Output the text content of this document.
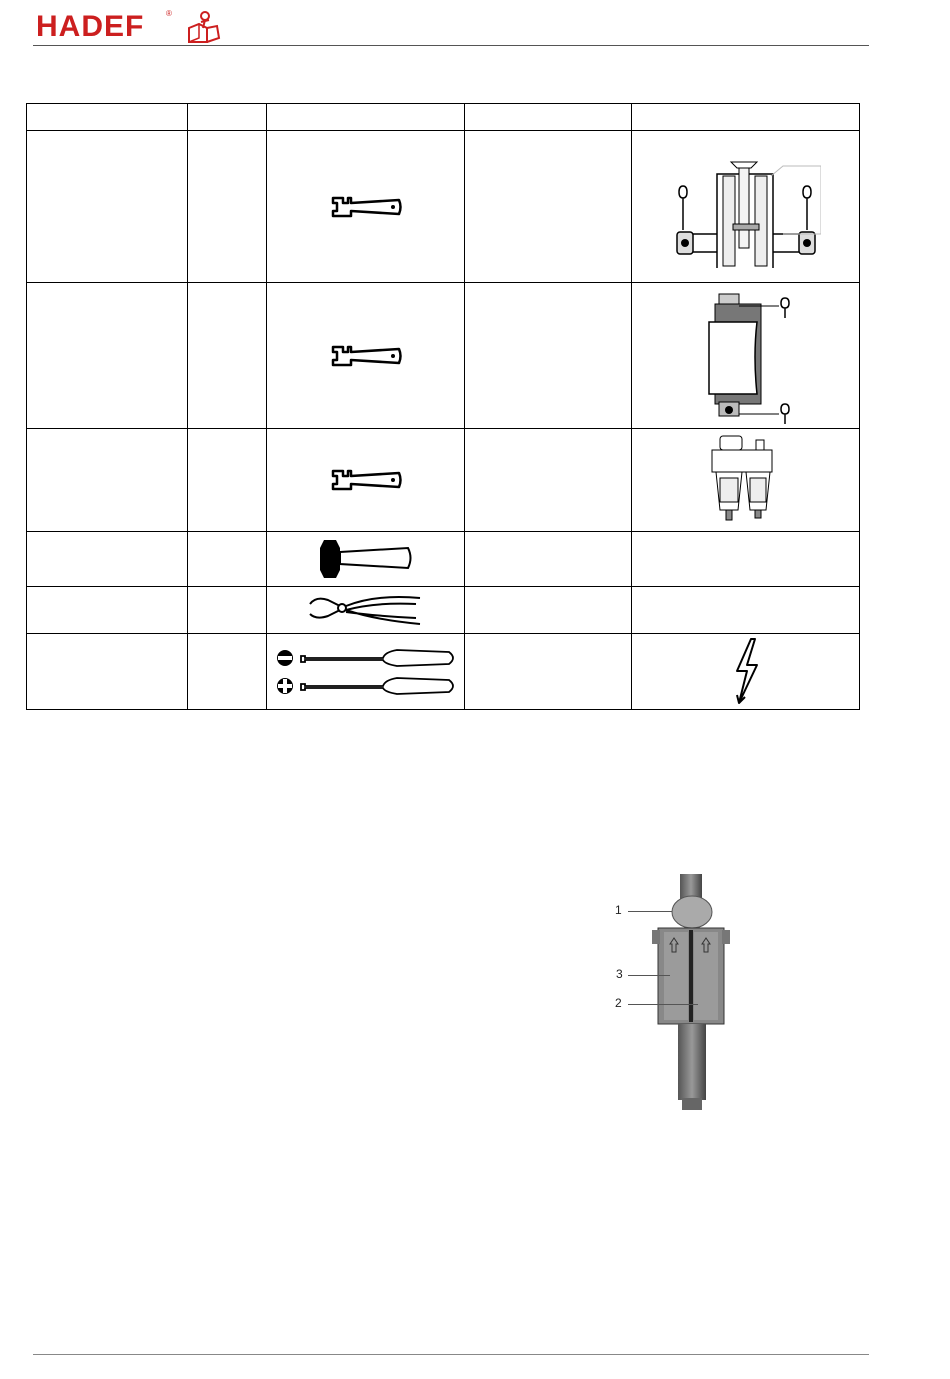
HADEF	®

1
3
2
